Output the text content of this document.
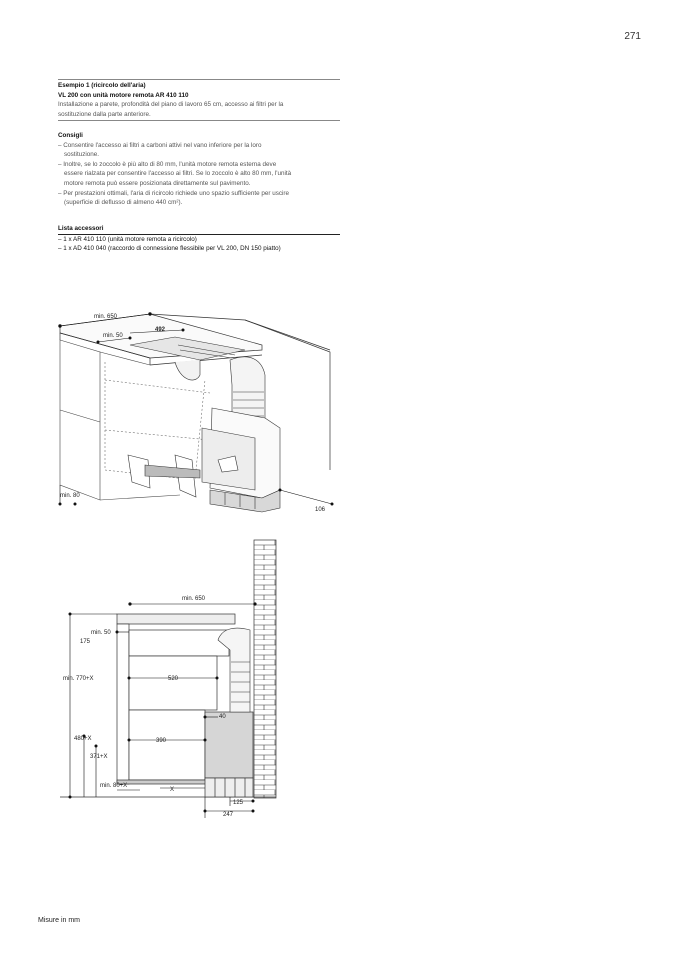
271
Esempio 1 (ricircolo dell'aria)
VL 200 con unità motore remota AR 410 110
Installazione a parete, profondità del piano di lavoro 65 cm, accesso ai filtri per la
sostituzione dalla parte anteriore.
Consigli
– Consentire l'accesso ai filtri a carboni attivi nel vano inferiore per la loro
sostituzione.
– Inoltre, se lo zoccolo è più alto di 80 mm, l'unità motore remota esterna deve
essere rialzata per consentire l'accesso ai filtri. Se lo zoccolo è alto 80 mm, l'unità
motore remota può essere posizionata direttamente sul pavimento.
– Per prestazioni ottimali, l'aria di ricircolo richiede uno spazio sufficiente per uscire
(superficie di deflusso di almeno 440 cm²).
Lista accessori
– 1 x AR 410 110 (unità motore remota a ricircolo)
– 1 x AD 410 040 (raccordo di connessione flessibile per VL 200, DN 150 piatto)
min. 650
min. 50
492
min. 80
106
min. 650
min. 50
175
min. 770+X	520
40
480+X	390
371+X
min. 80+X
X
125
247
Misure in mm
